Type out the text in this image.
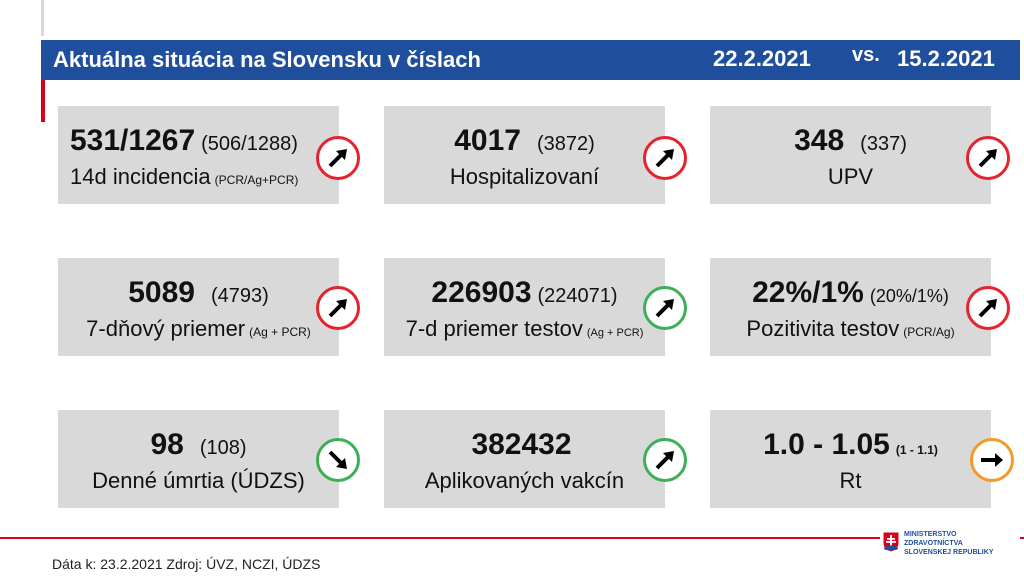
Aktuálna situácia na Slovensku v číslach	22.2.2021 vs. 15.2.2021
531/1267 (506/1288)
14d incidencia (PCR/Ag+PCR)
4017 (3872)
Hospitalizovaní
348 (337)
UPV
5089 (4793)
7-dňový priemer (Ag + PCR)
226903 (224071)
7-d priemer testov (Ag + PCR)
22%/1% (20%/1%)
Pozitivita testov (PCR/Ag)
98 (108)
Denné úmrtia (ÚDZS)
382432
Aplikovaných vakcín
1.0 - 1.05 (1 - 1.1)
Rt
Dáta k: 23.2.2021 Zdroj: ÚVZ, NCZI, ÚDZS
MINISTERSTVO
ZDRAVOTNÍCTVA
SLOVENSKEJ REPUBLIKY
